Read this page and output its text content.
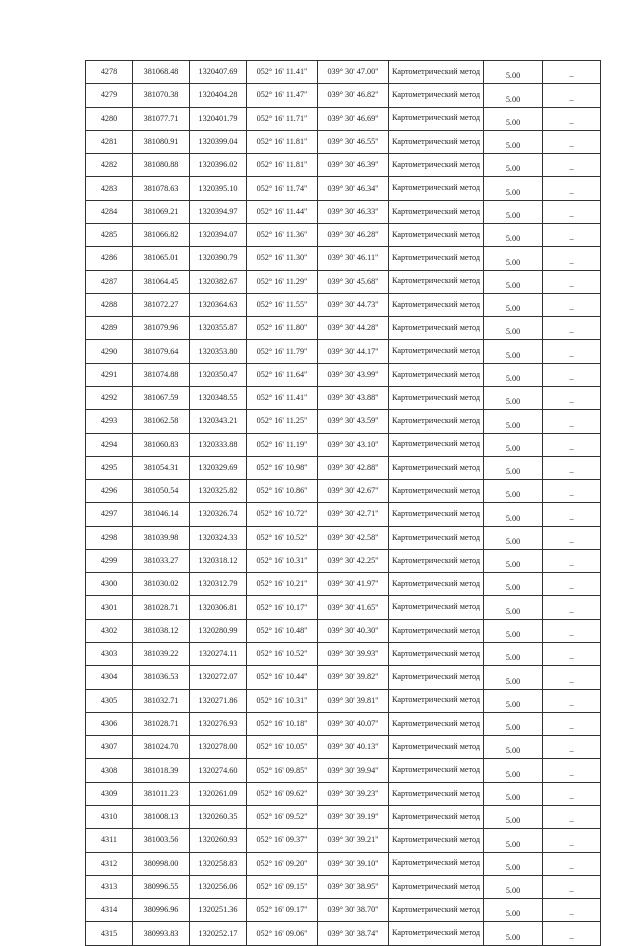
4278	381068.48	1320407.69	052° 16' 11.41"	039° 30' 47.00"	Картометрический метод	5.00	–
4279	381070.38	1320404.28	052° 16' 11.47"	039° 30' 46.82"	Картометрический метод	5.00	–
4280	381077.71	1320401.79	052° 16' 11.71"	039° 30' 46.69"	Картометрический метод	5.00	–
4281	381080.91	1320399.04	052° 16' 11.81"	039° 30' 46.55"	Картометрический метод	5.00	–
4282	381080.88	1320396.02	052° 16' 11.81"	039° 30' 46.39"	Картометрический метод	5.00	–
4283	381078.63	1320395.10	052° 16' 11.74"	039° 30' 46.34"	Картометрический метод	5.00	–
4284	381069.21	1320394.97	052° 16' 11.44"	039° 30' 46.33"	Картометрический метод	5.00	–
4285	381066.82	1320394.07	052° 16' 11.36"	039° 30' 46.28"	Картометрический метод	5.00	–
4286	381065.01	1320390.79	052° 16' 11.30"	039° 30' 46.11"	Картометрический метод	5.00	–
4287	381064.45	1320382.67	052° 16' 11.29"	039° 30' 45.68"	Картометрический метод	5.00	–
4288	381072.27	1320364.63	052° 16' 11.55"	039° 30' 44.73"	Картометрический метод	5.00	–
4289	381079.96	1320355.87	052° 16' 11.80"	039° 30' 44.28"	Картометрический метод	5.00	–
4290	381079.64	1320353.80	052° 16' 11.79"	039° 30' 44.17"	Картометрический метод	5.00	–
4291	381074.88	1320350.47	052° 16' 11.64"	039° 30' 43.99"	Картометрический метод	5.00	–
4292	381067.59	1320348.55	052° 16' 11.41"	039° 30' 43.88"	Картометрический метод	5.00	–
4293	381062.58	1320343.21	052° 16' 11.25"	039° 30' 43.59"	Картометрический метод	5.00	–
4294	381060.83	1320333.88	052° 16' 11.19"	039° 30' 43.10"	Картометрический метод	5.00	–
4295	381054.31	1320329.69	052° 16' 10.98"	039° 30' 42.88"	Картометрический метод	5.00	–
4296	381050.54	1320325.82	052° 16' 10.86"	039° 30' 42.67"	Картометрический метод	5.00	–
4297	381046.14	1320326.74	052° 16' 10.72"	039° 30' 42.71"	Картометрический метод	5.00	–
4298	381039.98	1320324.33	052° 16' 10.52"	039° 30' 42.58"	Картометрический метод	5.00	–
4299	381033.27	1320318.12	052° 16' 10.31"	039° 30' 42.25"	Картометрический метод	5.00	–
4300	381030.02	1320312.79	052° 16' 10.21"	039° 30' 41.97"	Картометрический метод	5.00	–
4301	381028.71	1320306.81	052° 16' 10.17"	039° 30' 41.65"	Картометрический метод	5.00	–
4302	381038.12	1320280.99	052° 16' 10.48"	039° 30' 40.30"	Картометрический метод	5.00	–
4303	381039.22	1320274.11	052° 16' 10.52"	039° 30' 39.93"	Картометрический метод	5.00	–
4304	381036.53	1320272.07	052° 16' 10.44"	039° 30' 39.82"	Картометрический метод	5.00	–
4305	381032.71	1320271.86	052° 16' 10.31"	039° 30' 39.81"	Картометрический метод	5.00	–
4306	381028.71	1320276.93	052° 16' 10.18"	039° 30' 40.07"	Картометрический метод	5.00	–
4307	381024.70	1320278.00	052° 16' 10.05"	039° 30' 40.13"	Картометрический метод	5.00	–
4308	381018.39	1320274.60	052° 16' 09.85"	039° 30' 39.94"	Картометрический метод	5.00	–
4309	381011.23	1320261.09	052° 16' 09.62"	039° 30' 39.23"	Картометрический метод	5.00	–
4310	381008.13	1320260.35	052° 16' 09.52"	039° 30' 39.19"	Картометрический метод	5.00	–
4311	381003.56	1320260.93	052° 16' 09.37"	039° 30' 39.21"	Картометрический метод	5.00	–
4312	380998.00	1320258.83	052° 16' 09.20"	039° 30' 39.10"	Картометрический метод	5.00	–
4313	380996.55	1320256.06	052° 16' 09.15"	039° 30' 38.95"	Картометрический метод	5.00	–
4314	380996.96	1320251.36	052° 16' 09.17"	039° 30' 38.70"	Картометрический метод	5.00	–
4315	380993.83	1320252.17	052° 16' 09.06"	039° 30' 38.74"	Картометрический метод	5.00	–
